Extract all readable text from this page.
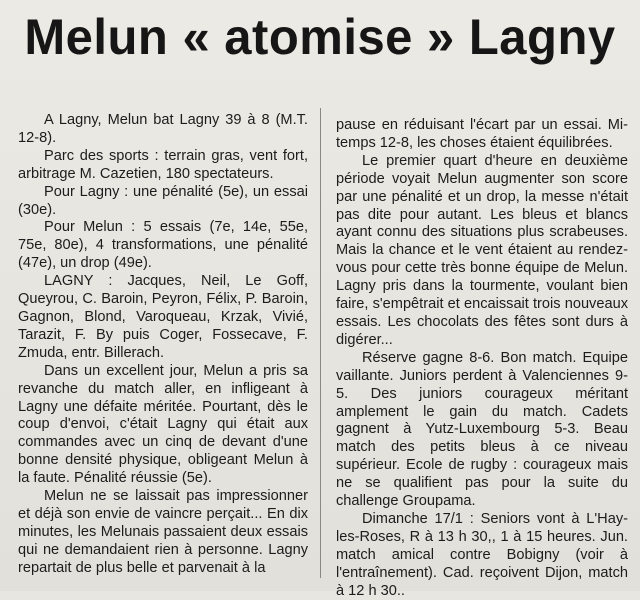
Melun « atomise » Lagny

A Lagny, Melun bat Lagny 39 à 8 (M.T. 12-8).

Parc des sports : terrain gras, vent fort, arbitrage M. Cazetien, 180 spectateurs.

Pour Lagny : une pénalité (5e), un essai (30e).

Pour Melun : 5 essais (7e, 14e, 55e, 75e, 80e), 4 transformations, une pénalité (47e), un drop (49e).

LAGNY : Jacques, Neil, Le Goff, Queyrou, C. Baroin, Peyron, Félix, P. Baroin, Gagnon, Blond, Varoqueau, Krzak, Vivié, Tarazit, F. By puis Coger, Fossecave, F. Zmuda, entr. Billerach.

Dans un excellent jour, Melun a pris sa revanche du match aller, en infligeant à Lagny une défaite méritée. Pourtant, dès le coup d'envoi, c'était Lagny qui était aux commandes avec un cinq de devant d'une bonne densité physique, obligeant Melun à la faute. Pénalité réussie (5e).

Melun ne se laissait pas impressionner et déjà son envie de vaincre perçait... En dix minutes, les Melunais passaient deux essais qui ne demandaient rien à personne. Lagny repartait de plus belle et parvenait à la

pause en réduisant l'écart par un essai. Mi-temps 12-8, les choses étaient équilibrées.

Le premier quart d'heure en deuxième période voyait Melun augmenter son score par une pénalité et un drop, la messe n'était pas dite pour autant. Les bleus et blancs ayant connu des situations plus scrabeuses. Mais la chance et le vent étaient au rendez-vous pour cette très bonne équipe de Melun. Lagny pris dans la tourmente, voulant bien faire, s'empêtrait et encaissait trois nouveaux essais. Les chocolats des fêtes sont durs à digérer...

Réserve gagne 8-6. Bon match. Equipe vaillante. Juniors perdent à Valenciennes 9-5. Des juniors courageux méritant amplement le gain du match. Cadets gagnent à Yutz-Luxembourg 5-3. Beau match des petits bleus à ce niveau supérieur. Ecole de rugby : courageux mais ne se qualifient pas pour la suite du challenge Groupama.

Dimanche 17/1 : Seniors vont à L'Hay-les-Roses, R à 13 h 30,, 1 à 15 heures. Jun. match amical contre Bobigny (voir à l'entraînement). Cad. reçoivent Dijon, match à 12 h 30..
